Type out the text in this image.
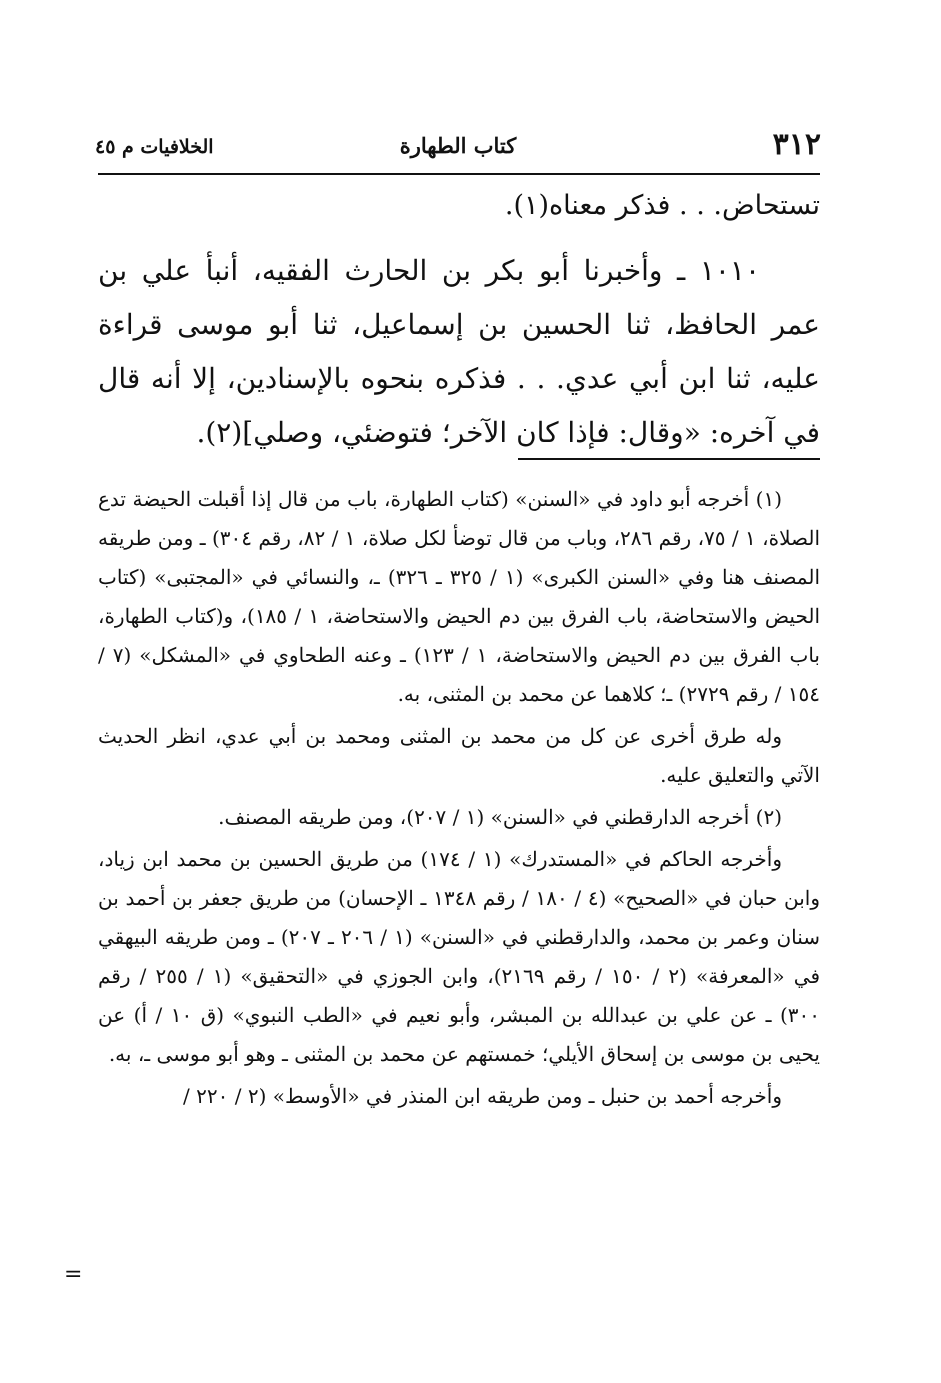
٣١٢
كتاب الطهارة
الخلافيات م ٤٥
تستحاض. . . فذكر معناه(١).
١٠١٠ ـ وأخبرنا أبو بكر بن الحارث الفقيه، أنبأ علي بن عمر الحافظ، ثنا الحسين بن إسماعيل، ثنا أبو موسى قراءة عليه، ثنا ابن أبي عدي. . . فذكره بنحوه بالإسنادين، إلا أنه قال في آخره: «وقال: فإذا كان الآخر؛ فتوضئي، وصلي](٢).

(١) أخرجه أبو داود في «السنن» (كتاب الطهارة، باب من قال إذا أقبلت الحيضة تدع الصلاة، ١ / ٧٥، رقم ٢٨٦، وباب من قال توضأ لكل صلاة، ١ / ٨٢، رقم ٣٠٤) ـ ومن طريقه المصنف هنا وفي «السنن الكبرى» (١ / ٣٢٥ ـ ٣٢٦) ـ، والنسائي في «المجتبى» (كتاب الحيض والاستحاضة، باب الفرق بين دم الحيض والاستحاضة، ١ / ١٨٥)، و(كتاب الطهارة، باب الفرق بين دم الحيض والاستحاضة، ١ / ١٢٣) ـ وعنه الطحاوي في «المشكل» (٧ / ١٥٤ / رقم ٢٧٢٩) ـ؛ كلاهما عن محمد بن المثنى، به.

وله طرق أخرى عن كل من محمد بن المثنى ومحمد بن أبي عدي، انظر الحديث الآتي والتعليق عليه.

(٢) أخرجه الدارقطني في «السنن» (١ / ٢٠٧)، ومن طريقه المصنف.

وأخرجه الحاكم في «المستدرك» (١ / ١٧٤) من طريق الحسين بن محمد ابن زياد، وابن حبان في «الصحيح» (٤ / ١٨٠ / رقم ١٣٤٨ ـ الإحسان) من طريق جعفر بن أحمد بن سنان وعمر بن محمد، والدارقطني في «السنن» (١ / ٢٠٦ ـ ٢٠٧) ـ ومن طريقه البيهقي في «المعرفة» (٢ / ١٥٠ / رقم ٢١٦٩)، وابن الجوزي في «التحقيق» (١ / ٢٥٥ / رقم ٣٠٠) ـ عن علي بن عبدالله بن المبشر، وأبو نعيم في «الطب النبوي» (ق ١٠ / أ) عن يحيى بن موسى بن إسحاق الأيلي؛ خمستهم عن محمد بن المثنى ـ وهو أبو موسى ـ، به.

وأخرجه أحمد بن حنبل ـ ومن طريقه ابن المنذر في «الأوسط» (٢ / ٢٢٠ /

=
